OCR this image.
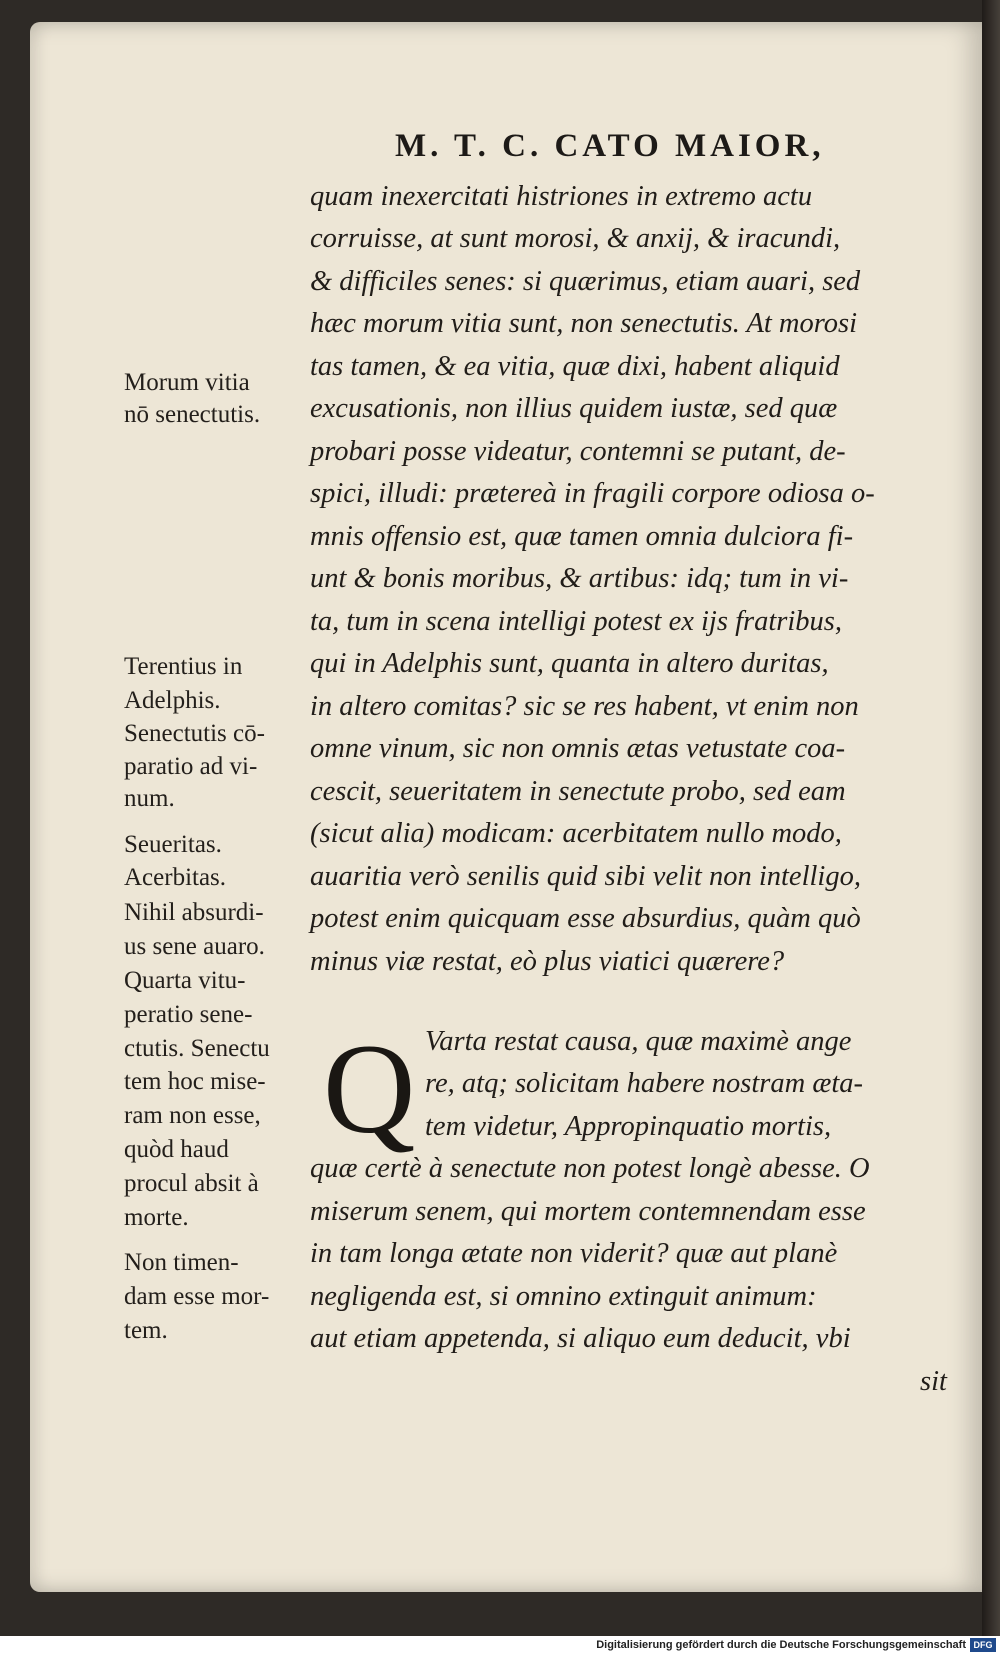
M. T. C. CATO MAIOR,
quam inexercitati histriones in extremo actu
corruisse, at sunt morosi, & anxij, & iracundi,
& difficiles senes: si quærimus, etiam auari, sed
hæc morum vitia sunt, non senectutis. At morosi
tas tamen, & ea vitia, quæ dixi, habent aliquid
excusationis, non illius quidem iustæ, sed quæ
probari posse videatur, contemni se putant, de-
spici, illudi: prætereà in fragili corpore odiosa o-
mnis offensio est, quæ tamen omnia dulciora fi-
unt & bonis moribus, & artibus: idq; tum in vi-
ta, tum in scena intelligi potest ex ijs fratribus,
qui in Adelphis sunt, quanta in altero duritas,
in altero comitas? sic se res habent, vt enim non
omne vinum, sic non omnis ætas vetustate coa-
cescit, seueritatem in senectute probo, sed eam
(sicut alia) modicam: acerbitatem nullo modo,
auaritia verò senilis quid sibi velit non intelligo,
potest enim quicquam esse absurdius, quàm quò
minus viæ restat, eò plus viatici quærere?
Q Varta restat causa, quæ maximè ange
re, atq; solicitam habere nostram æta-
tem videtur, Appropinquatio mortis,
quæ certè à senectute non potest longè abesse. O
miserum senem, qui mortem contemnendam esse
in tam longa ætate non viderit? quæ aut planè
negligenda est, si omnino extinguit animum:
aut etiam appetenda, si aliquo eum deducit, vbi
sit
Morum vitia
nō senectutis.
Terentius in
Adelphis.
Senectutis cō-
paratio ad vi-
num.
Seueritas.
Acerbitas.
Nihil absurdi-
us sene auaro.
Quarta vitu-
peratio sene-
ctutis. Senectu
tem hoc mise-
ram non esse,
quòd haud
procul absit à
morte.
Non timen-
dam esse mor-
tem.
Digitalisierung gefördert durch die Deutsche Forschungsgemeinschaft DFG
